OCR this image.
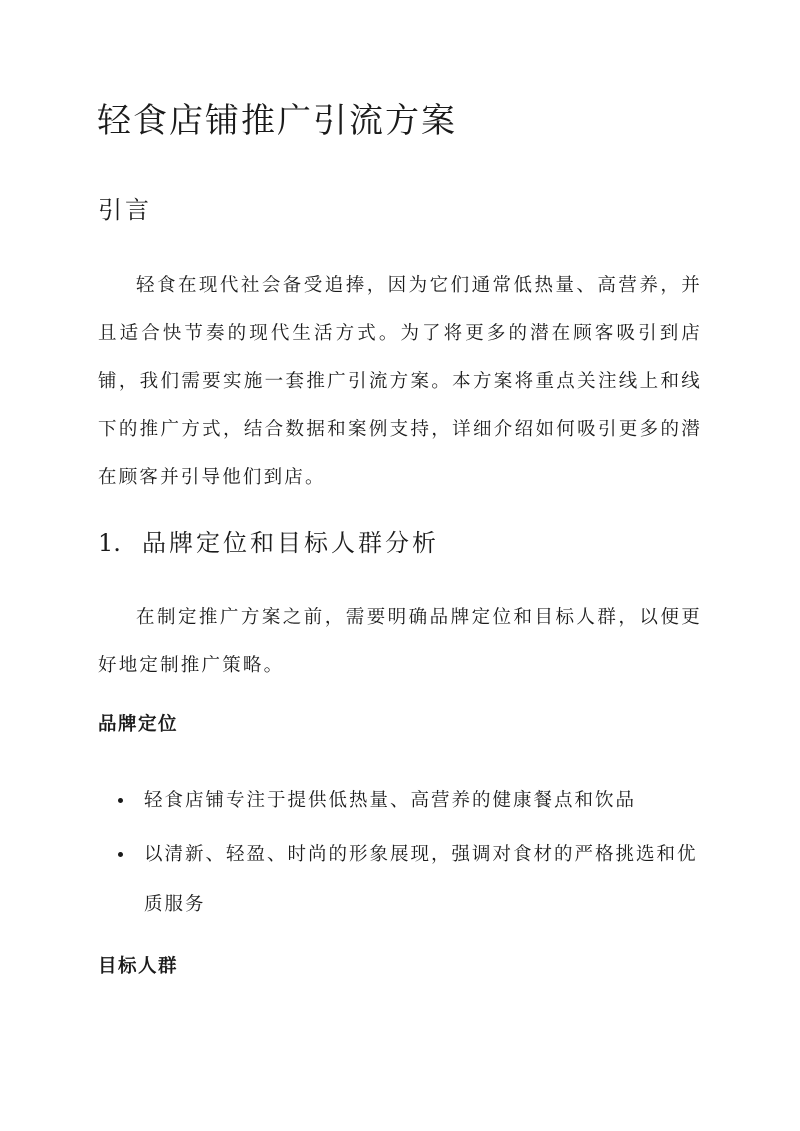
轻食店铺推广引流方案
引言

轻食在现代社会备受追捧，因为它们通常低热量、高营养，并且适合快节奏的现代生活方式。为了将更多的潜在顾客吸引到店铺，我们需要实施一套推广引流方案。本方案将重点关注线上和线下的推广方式，结合数据和案例支持，详细介绍如何吸引更多的潜在顾客并引导他们到店。

1. 品牌定位和目标人群分析

在制定推广方案之前，需要明确品牌定位和目标人群，以便更好地定制推广策略。

品牌定位
轻食店铺专注于提供低热量、高营养的健康餐点和饮品
以清新、轻盈、时尚的形象展现，强调对食材的严格挑选和优质服务
目标人群
